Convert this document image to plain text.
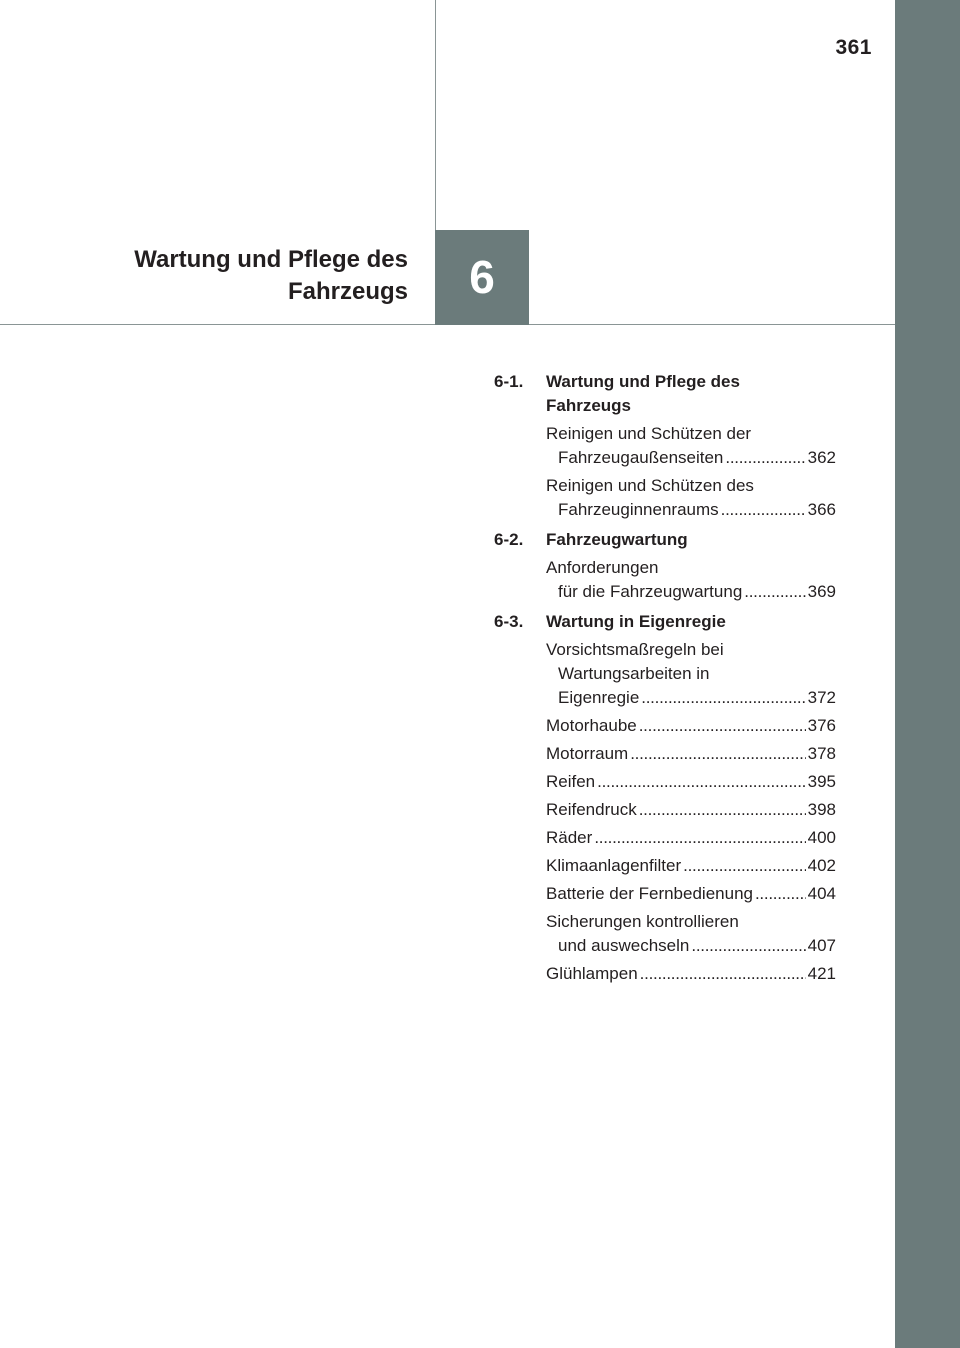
361
Wartung und Pflege des
Fahrzeugs	6
6-1.	Wartung und Pflege des
Fahrzeugs
Reinigen und Schützen der
Fahrzeugaußenseiten . . .	362
Reinigen und Schützen des
Fahrzeuginnenraums . . .	366
6-2.	Fahrzeugwartung
Anforderungen
für die Fahrzeugwartung . . .	369
6-3.	Wartung in Eigenregie
Vorsichtsmaßregeln bei
Wartungsarbeiten in
Eigenregie . . .	372
Motorhaube . . .	376
Motorraum . . .	378
Reifen . . .	395
Reifendruck . . .	398
Räder . . .	400
Klimaanlagenfilter . . .	402
Batterie der Fernbedienung . . .	404
Sicherungen kontrollieren
und auswechseln . . .	407
Glühlampen . . .	421
